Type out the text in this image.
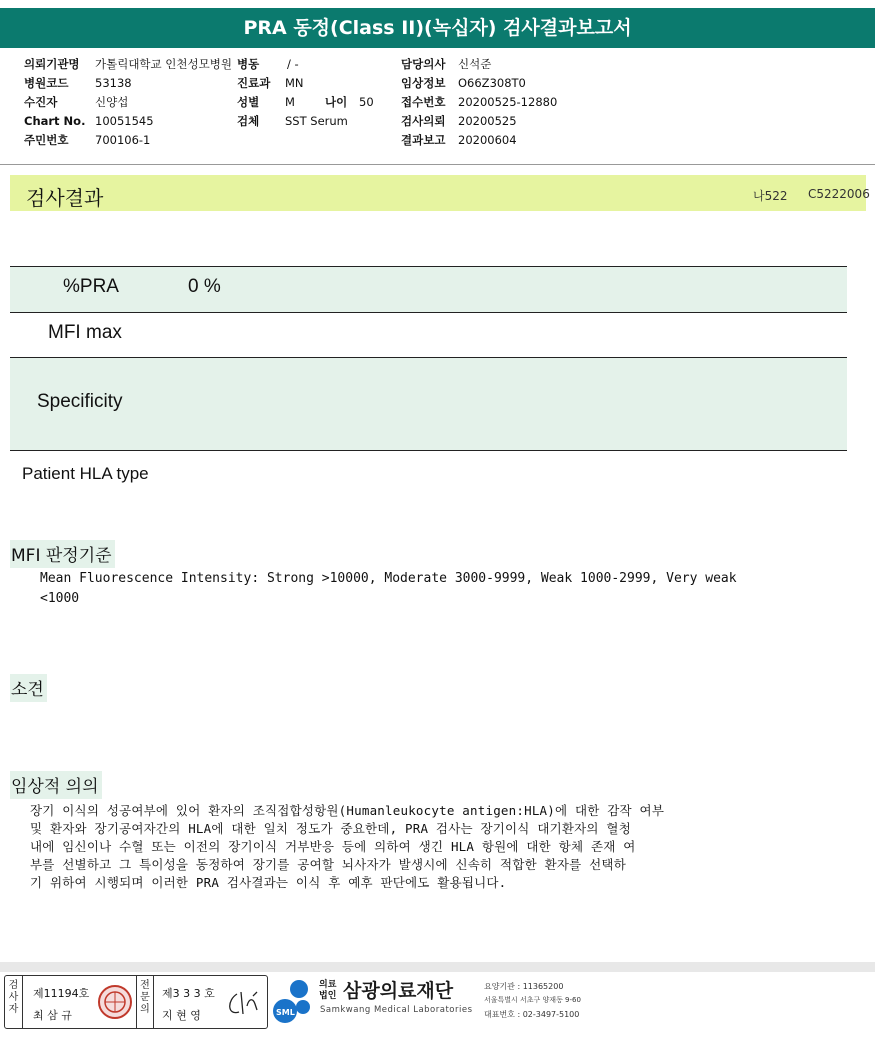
PRA 동정(Class II)(녹십자) 검사결과보고서
의뢰기관명 가톨릭대학교 인천성모병원
병원코드 53138
수진자	신양섭
Chart No. 10051545
주민번호 700106-1
병동 / -
진료과 MN
성별 M	나이 50
검체 SST Serum
담당의사 신석준
임상정보 O66Z308T0
접수번호 20200525-12880
검사의뢰 20200525
결과보고 20200604
검사결과	나522 C5222006
%PRA	0 %
MFI max
Specificity
Patient HLA type
MFI 판정기준
Mean Fluorescence Intensity: Strong >10000, Moderate 3000-9999, Weak 1000-2999, Very weak
<1000
소견
임상적 의의
장기 이식의 성공여부에 있어 환자의 조직접합성항원(Humanleukocyte antigen:HLA)에 대한 감작 여부
및 환자와 장기공여자간의 HLA에 대한 일치 정도가 중요한데, PRA 검사는 장기이식 대기환자의 혈청
내에 임신이나 수혈 또는 이전의 장기이식 거부반응 등에 의하여 생긴 HLA 항원에 대한 항체 존재 여
부를 선별하고 그 특이성을 동정하여 장기를 공여할 뇌사자가 발생시에 신속히 적합한 환자를 선택하
기 위하여 시행되며 이러한 PRA 검사결과는 이식 후 예후 판단에도 활용됩니다.
검사자
제11194호
최 삼 규
전문의
제3 3 3 호
지 현 영	SML
의료
법인 삼광의료재단
Samkwang Medical Laboratories
요양기관 : 11365200
서울특별시 서초구 양재동 9-60
대표번호 : 02-3497-5100
